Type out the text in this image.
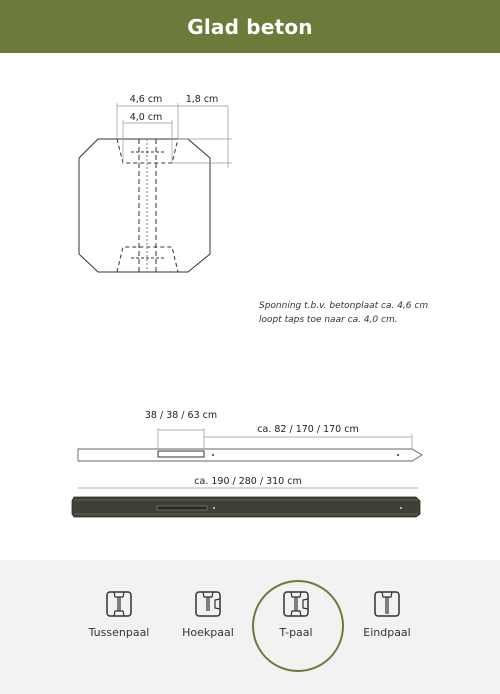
Glad beton
4,6 cm
4,0 cm
1,8 cm
38 / 38 / 63 cm
ca. 82 / 170 / 170 cm
ca. 190 / 280 / 310 cm
Sponning t.b.v. betonplaat ca. 4,6 cm loopt taps toe naar ca. 4,0 cm.
Tussenpaal	Hoekpaal	T-paal	Eindpaal
